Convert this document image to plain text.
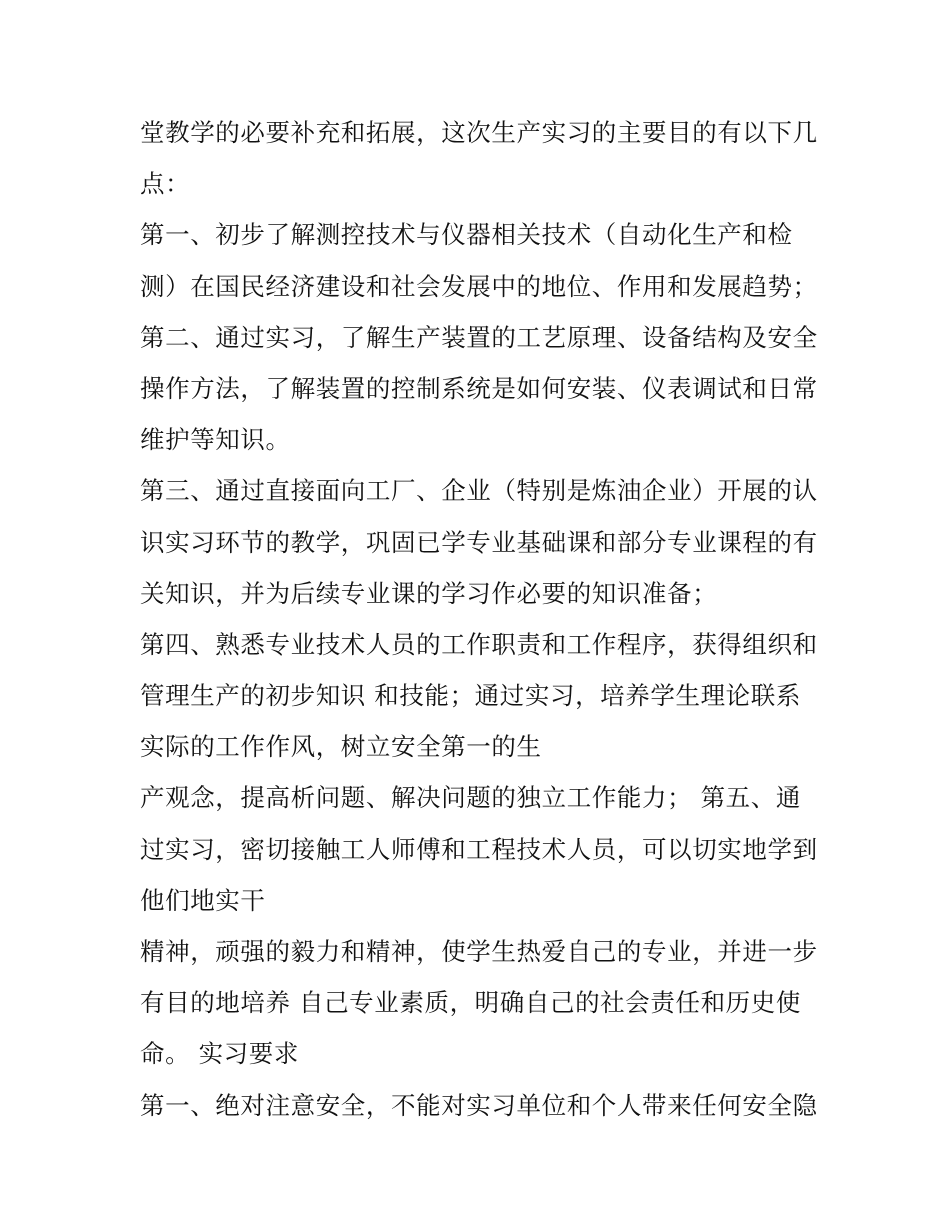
堂教学的必要补充和拓展，这次生产实习的主要目的有以下几
点：
第一、初步了解测控技术与仪器相关技术（自动化生产和检
测）在国民经济建设和社会发展中的地位、作用和发展趋势；
第二、通过实习，了解生产装置的工艺原理、设备结构及安全
操作方法，了解装置的控制系统是如何安装、仪表调试和日常
维护等知识。
第三、通过直接面向工厂、企业（特别是炼油企业）开展的认
识实习环节的教学，巩固已学专业基础课和部分专业课程的有
关知识，并为后续专业课的学习作必要的知识准备；
第四、熟悉专业技术人员的工作职责和工作程序，获得组织和
管理生产的初步知识 和技能；通过实习，培养学生理论联系
实际的工作作风，树立安全第一的生
产观念，提高析问题、解决问题的独立工作能力； 第五、通
过实习，密切接触工人师傅和工程技术人员，可以切实地学到
他们地实干
精神，顽强的毅力和精神，使学生热爱自己的专业，并进一步
有目的地培养 自己专业素质，明确自己的社会责任和历史使
命。 实习要求
第一、绝对注意安全，不能对实习单位和个人带来任何安全隐
